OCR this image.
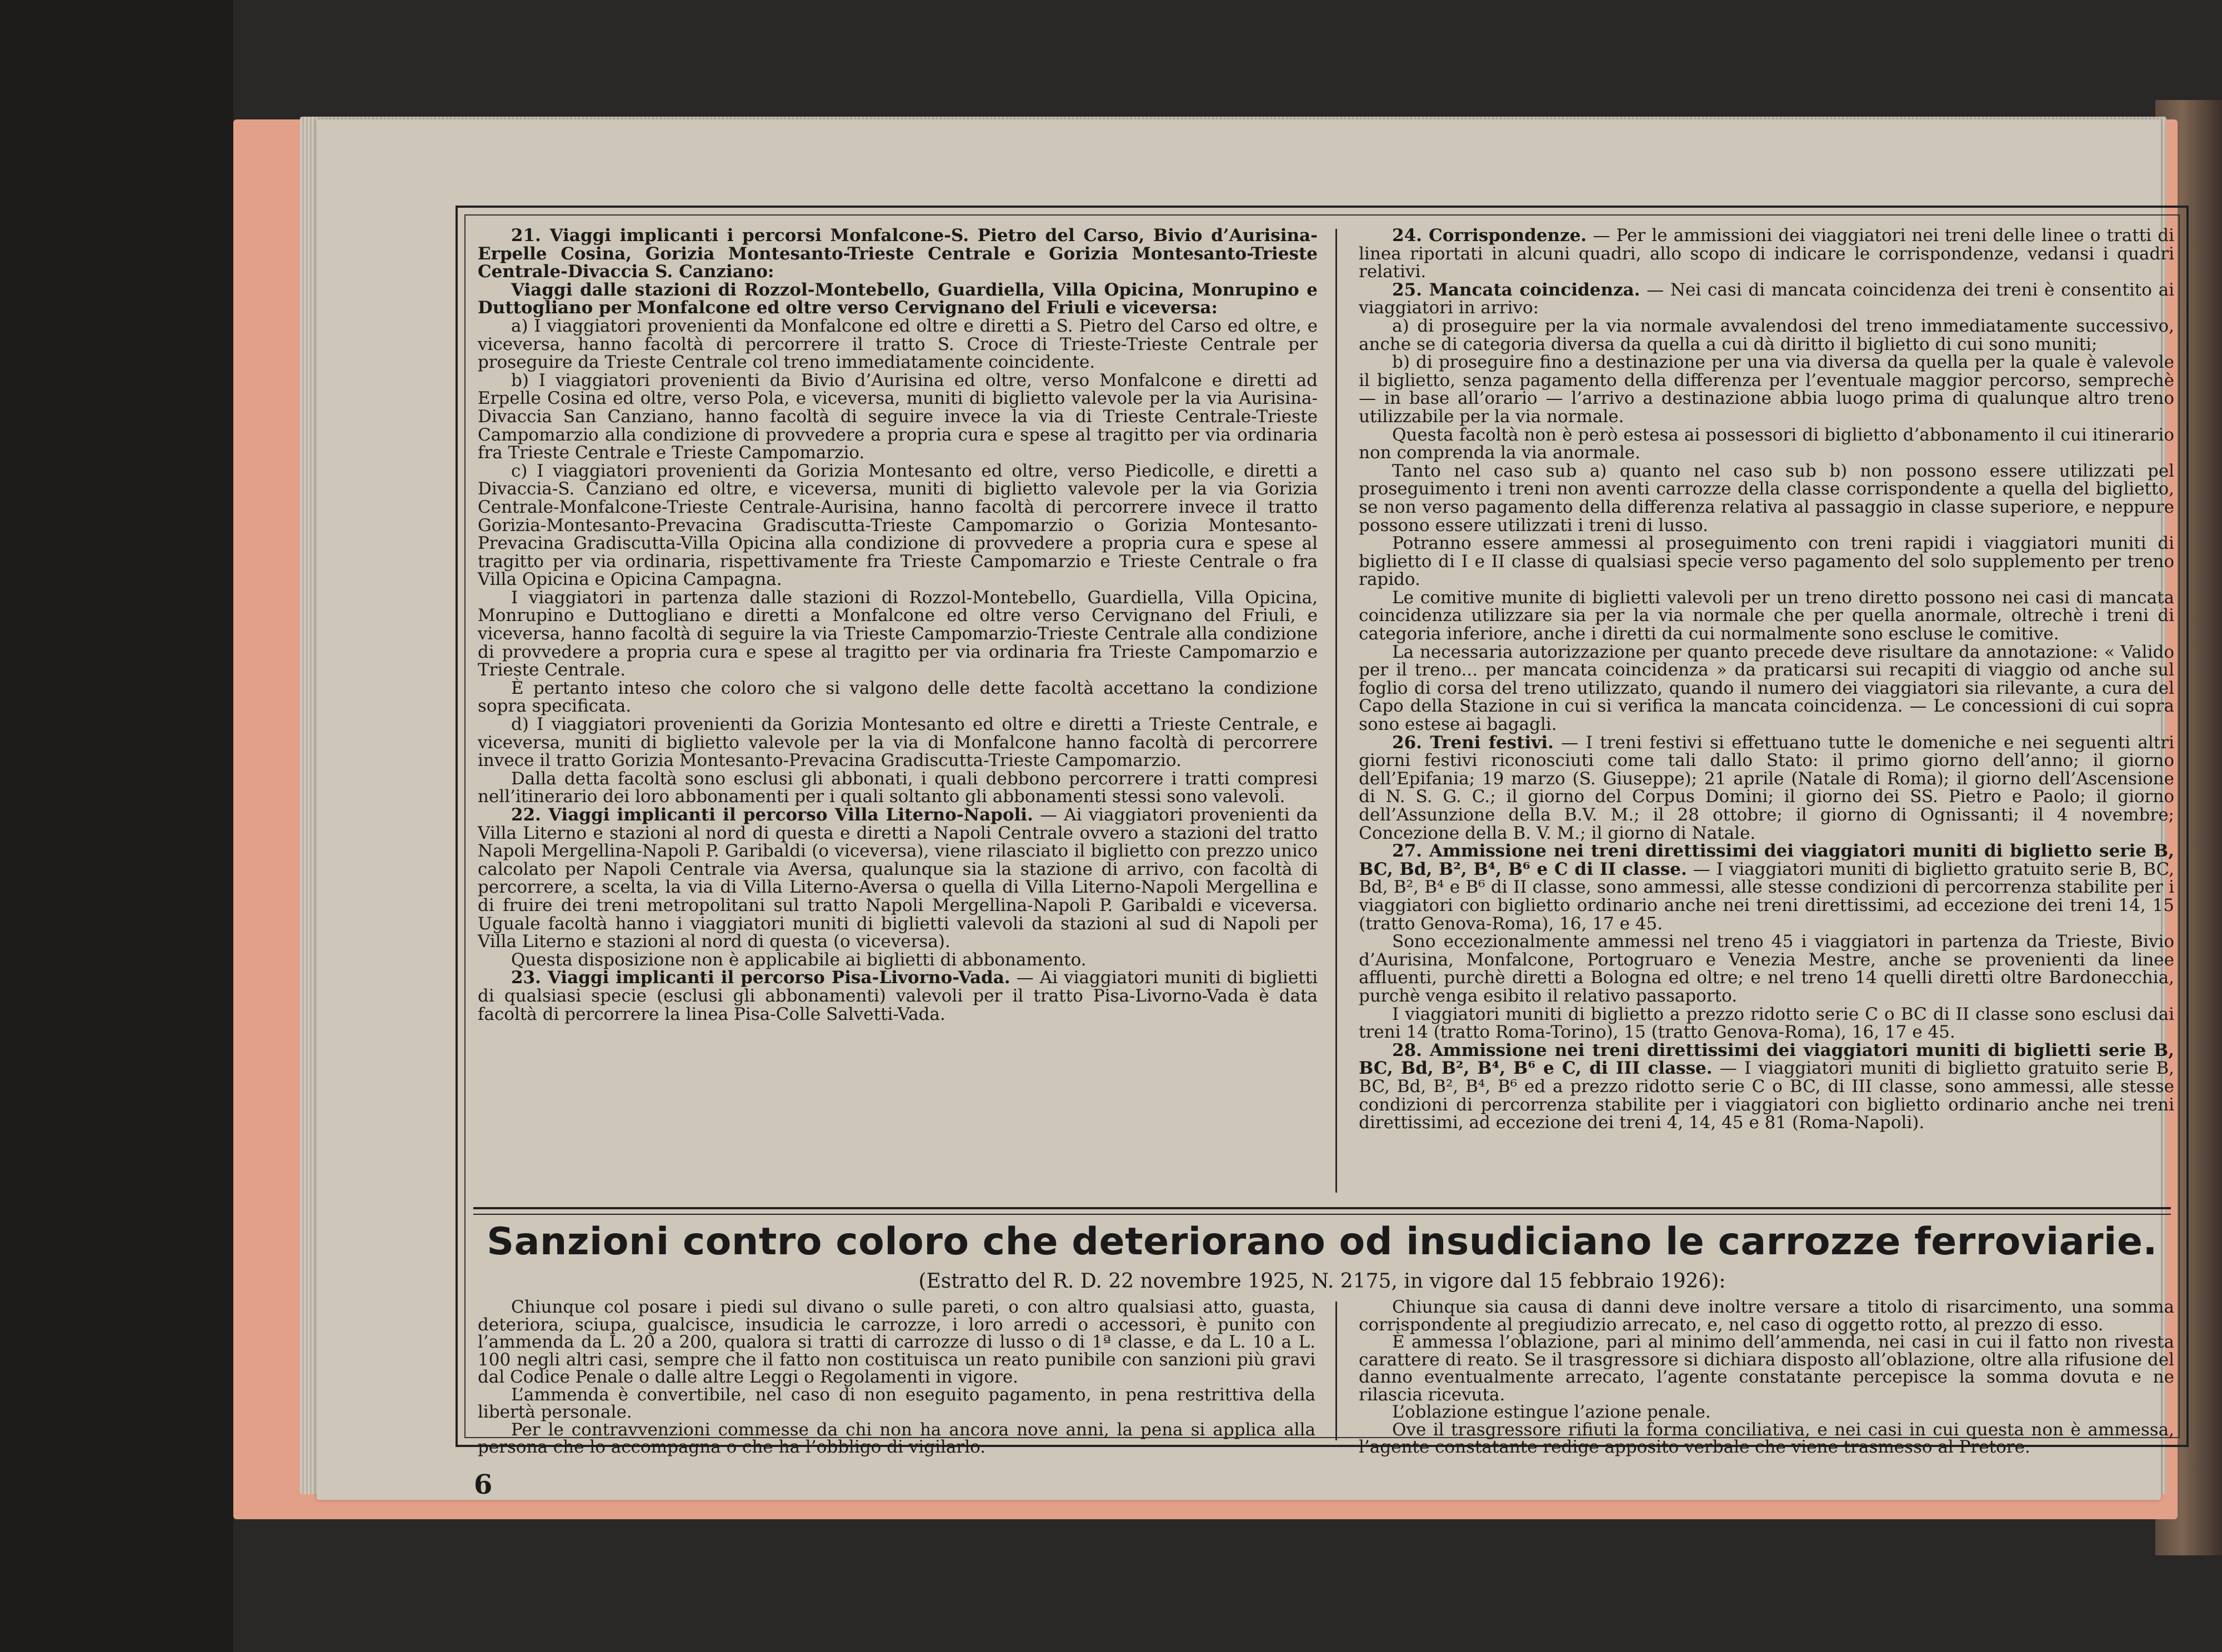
21. Viaggi implicanti i percorsi Monfalcone-S. Pietro del Carso, Bivio d’Aurisina-Erpelle Cosina, Gorizia Montesanto-Trieste Centrale e Gorizia Montesanto-Trieste Centrale-Divaccia S. Canziano:

Viaggi dalle stazioni di Rozzol-Montebello, Guardiella, Villa Opicina, Monrupino e Duttogliano per Monfalcone ed oltre verso Cervignano del Friuli e viceversa:

a) I viaggiatori provenienti da Monfalcone ed oltre e diretti a S. Pietro del Carso ed oltre, e viceversa, hanno facoltà di percorrere il tratto S. Croce di Trieste-Trieste Centrale per proseguire da Trieste Centrale col treno immediatamente coincidente.

b) I viaggiatori provenienti da Bivio d’Aurisina ed oltre, verso Monfalcone e diretti ad Erpelle Cosina ed oltre, verso Pola, e viceversa, muniti di biglietto valevole per la via Aurisina-Divaccia San Canziano, hanno facoltà di seguire invece la via di Trieste Centrale-Trieste Campomarzio alla condizione di provvedere a propria cura e spese al tragitto per via ordinaria fra Trieste Centrale e Trieste Campomarzio.

c) I viaggiatori provenienti da Gorizia Montesanto ed oltre, verso Piedicolle, e diretti a Divaccia-S. Canziano ed oltre, e viceversa, muniti di biglietto valevole per la via Gorizia Centrale-Monfalcone-Trieste Centrale-Aurisina, hanno facoltà di percorrere invece il tratto Gorizia-Montesanto-Prevacina Gradiscutta-Trieste Campomarzio o Gorizia Montesanto-Prevacina Gradiscutta-Villa Opicina alla condizione di provvedere a propria cura e spese al tragitto per via ordinaria, rispettivamente fra Trieste Campomarzio e Trieste Centrale o fra Villa Opicina e Opicina Campagna.

I viaggiatori in partenza dalle stazioni di Rozzol-Montebello, Guardiella, Villa Opicina, Monrupino e Duttogliano e diretti a Monfalcone ed oltre verso Cervignano del Friuli, e viceversa, hanno facoltà di seguire la via Trieste Campomarzio-Trieste Centrale alla condizione di provvedere a propria cura e spese al tragitto per via ordinaria fra Trieste Campomarzio e Trieste Centrale.

È pertanto inteso che coloro che si valgono delle dette facoltà accettano la condizione sopra specificata.

d) I viaggiatori provenienti da Gorizia Montesanto ed oltre e diretti a Trieste Centrale, e viceversa, muniti di biglietto valevole per la via di Monfalcone hanno facoltà di percorrere invece il tratto Gorizia Montesanto-Prevacina Gradiscutta-Trieste Campomarzio.

Dalla detta facoltà sono esclusi gli abbonati, i quali debbono percorrere i tratti compresi nell’itinerario dei loro abbonamenti per i quali soltanto gli abbonamenti stessi sono valevoli.

22. Viaggi implicanti il percorso Villa Literno-Napoli. — Ai viaggiatori provenienti da Villa Literno e stazioni al nord di questa e diretti a Napoli Centrale ovvero a stazioni del tratto Napoli Mergellina-Napoli P. Garibaldi (o viceversa), viene rilasciato il biglietto con prezzo unico calcolato per Napoli Centrale via Aversa, qualunque sia la stazione di arrivo, con facoltà di percorrere, a scelta, la via di Villa Literno-Aversa o quella di Villa Literno-Napoli Mergellina e di fruire dei treni metropolitani sul tratto Napoli Mergellina-Napoli P. Garibaldi e viceversa. Uguale facoltà hanno i viaggiatori muniti di biglietti valevoli da stazioni al sud di Napoli per Villa Literno e stazioni al nord di questa (o viceversa).

Questa disposizione non è applicabile ai biglietti di abbonamento.

23. Viaggi implicanti il percorso Pisa-Livorno-Vada. — Ai viaggiatori muniti di biglietti di qualsiasi specie (esclusi gli abbonamenti) valevoli per il tratto Pisa-Livorno-Vada è data facoltà di percorrere la linea Pisa-Colle Salvetti-Vada.

24. Corrispondenze. — Per le ammissioni dei viaggiatori nei treni delle linee o tratti di linea riportati in alcuni quadri, allo scopo di indicare le corrispondenze, vedansi i quadri relativi.

25. Mancata coincidenza. — Nei casi di mancata coincidenza dei treni è consentito ai viaggiatori in arrivo:

a) di proseguire per la via normale avvalendosi del treno immediatamente successivo, anche se di categoria diversa da quella a cui dà diritto il biglietto di cui sono muniti;

b) di proseguire fino a destinazione per una via diversa da quella per la quale è valevole il biglietto, senza pagamento della differenza per l’eventuale maggior percorso, semprechè — in base all’orario — l’arrivo a destinazione abbia luogo prima di qualunque altro treno utilizzabile per la via normale.

Questa facoltà non è però estesa ai possessori di biglietto d’abbonamento il cui itinerario non comprenda la via anormale.

Tanto nel caso sub a) quanto nel caso sub b) non possono essere utilizzati pel proseguimento i treni non aventi carrozze della classe corrispondente a quella del biglietto, se non verso pagamento della differenza relativa al passaggio in classe superiore, e neppure possono essere utilizzati i treni di lusso.

Potranno essere ammessi al proseguimento con treni rapidi i viaggiatori muniti di biglietto di I e II classe di qualsiasi specie verso pagamento del solo supplemento per treno rapido.

Le comitive munite di biglietti valevoli per un treno diretto possono nei casi di mancata coincidenza utilizzare sia per la via normale che per quella anormale, oltrechè i treni di categoria inferiore, anche i diretti da cui normalmente sono escluse le comitive.

La necessaria autorizzazione per quanto precede deve risultare da annotazione: « Valido per il treno... per mancata coincidenza » da praticarsi sui recapiti di viaggio od anche sul foglio di corsa del treno utilizzato, quando il numero dei viaggiatori sia rilevante, a cura del Capo della Stazione in cui si verifica la mancata coincidenza. — Le concessioni di cui sopra sono estese ai bagagli.

26. Treni festivi. — I treni festivi si effettuano tutte le domeniche e nei seguenti altri giorni festivi riconosciuti come tali dallo Stato: il primo giorno dell’anno; il giorno dell’Epifania; 19 marzo (S. Giuseppe); 21 aprile (Natale di Roma); il giorno dell’Ascensione di N. S. G. C.; il giorno del Corpus Domini; il giorno dei SS. Pietro e Paolo; il giorno dell’Assunzione della B.V. M.; il 28 ottobre; il giorno di Ognissanti; il 4 novembre; Concezione della B. V. M.; il giorno di Natale.

27. Ammissione nei treni direttissimi dei viaggiatori muniti di biglietto serie B, BC, Bd, B², B⁴, B⁶ e C di II classe. — I viaggiatori muniti di biglietto gratuito serie B, BC, Bd, B², B⁴ e B⁶ di II classe, sono ammessi, alle stesse condizioni di percorrenza stabilite per i viaggiatori con biglietto ordinario anche nei treni direttissimi, ad eccezione dei treni 14, 15 (tratto Genova-Roma), 16, 17 e 45.

Sono eccezionalmente ammessi nel treno 45 i viaggiatori in partenza da Trieste, Bivio d’Aurisina, Monfalcone, Portogruaro e Venezia Mestre, anche se provenienti da linee affluenti, purchè diretti a Bologna ed oltre; e nel treno 14 quelli diretti oltre Bardonecchia, purchè venga esibito il relativo passaporto.

I viaggiatori muniti di biglietto a prezzo ridotto serie C o BC di II classe sono esclusi dai treni 14 (tratto Roma-Torino), 15 (tratto Genova-Roma), 16, 17 e 45.

28. Ammissione nei treni direttissimi dei viaggiatori muniti di biglietti serie B, BC, Bd, B², B⁴, B⁶ e C, di III classe. — I viaggiatori muniti di biglietto gratuito serie B, BC, Bd, B², B⁴, B⁶ ed a prezzo ridotto serie C o BC, di III classe, sono ammessi, alle stesse condizioni di percorrenza stabilite per i viaggiatori con biglietto ordinario anche nei treni direttissimi, ad eccezione dei treni 4, 14, 45 e 81 (Roma-Napoli).

Sanzioni contro coloro che deteriorano od insudiciano le carrozze ferroviarie.
(Estratto del R. D. 22 novembre 1925, N. 2175, in vigore dal 15 febbraio 1926):

Chiunque col posare i piedi sul divano o sulle pareti, o con altro qualsiasi atto, guasta, deteriora, sciupa, gualcisce, insudicia le carrozze, i loro arredi o accessori, è punito con l’ammenda da L. 20 a 200, qualora si tratti di carrozze di lusso o di 1ª classe, e da L. 10 a L. 100 negli altri casi, sempre che il fatto non costituisca un reato punibile con sanzioni più gravi dal Codice Penale o dalle altre Leggi o Regolamenti in vigore.

L’ammenda è convertibile, nel caso di non eseguito pagamento, in pena restrittiva della libertà personale.

Per le contravvenzioni commesse da chi non ha ancora nove anni, la pena si applica alla persona che lo accompagna o che ha l’obbligo di vigilarlo.

Chiunque sia causa di danni deve inoltre versare a titolo di risarcimento, una somma corrispondente al pregiudizio arrecato, e, nel caso di oggetto rotto, al prezzo di esso.

È ammessa l’oblazione, pari al minimo dell’ammenda, nei casi in cui il fatto non rivesta carattere di reato. Se il trasgressore si dichiara disposto all’oblazione, oltre alla rifusione del danno eventualmente arrecato, l’agente constatante percepisce la somma dovuta e ne rilascia ricevuta.

L’oblazione estingue l’azione penale.

Ove il trasgressore rifiuti la forma conciliativa, e nei casi in cui questa non è ammessa, l’agente constatante redige apposito verbale che viene trasmesso al Pretore.

6
